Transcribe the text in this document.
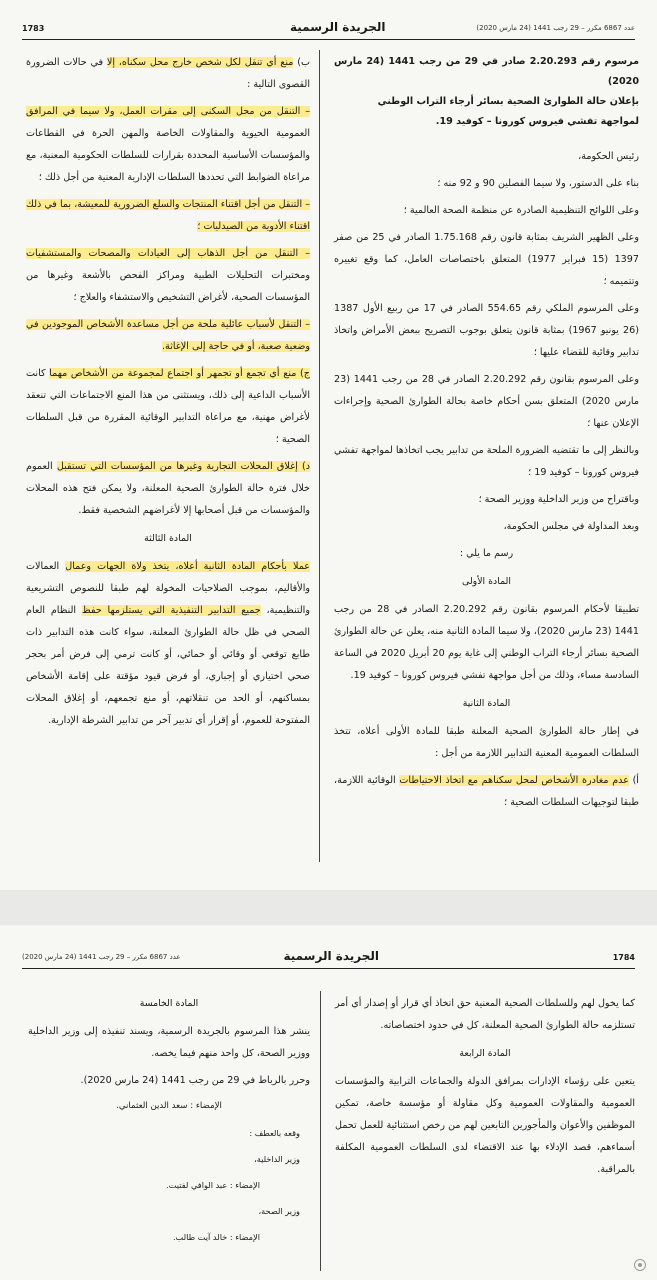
1783	الجريدة الرسمية	عدد 6867 مكرر – 29 رجب 1441 (24 مارس 2020)

مرسوم رقم 2.20.293 صادر في 29 من رجب 1441 (24 مارس 2020)
بإعلان حالة الطوارئ الصحية بسائر أرجاء التراب الوطني
لمواجهة تفشي فيروس كورونا – كوفيد 19.

رئيس الحكومة،

بناء على الدستور، ولا سيما الفصلين 90 و 92 منه ؛

وعلى اللوائح التنظيمية الصادرة عن منظمة الصحة العالمية ؛

وعلى الظهير الشريف بمثابة قانون رقم 1.75.168 الصادر في 25 من صفر 1397 (15 فبراير 1977) المتعلق باختصاصات العامل، كما وقع تغييره وتتميمه ؛

وعلى المرسوم الملكي رقم 554.65 الصادر في 17 من ربيع الأول 1387 (26 يونيو 1967) بمثابة قانون يتعلق بوجوب التصريح ببعض الأمراض واتخاذ تدابير وقائية للقضاء عليها ؛

وعلى المرسوم بقانون رقم 2.20.292 الصادر في 28 من رجب 1441 (23 مارس 2020) المتعلق بسن أحكام خاصة بحالة الطوارئ الصحية وإجراءات الإعلان عنها ؛

وبالنظر إلى ما تقتضيه الضرورة الملحة من تدابير يجب اتخاذها لمواجهة تفشي فيروس كورونا – كوفيد 19 ؛

وباقتراح من وزير الداخلية ووزير الصحة ؛

وبعد المداولة في مجلس الحكومة،

رسم ما يلي :

المادة الأولى

تطبيقا لأحكام المرسوم بقانون رقم 2.20.292 الصادر في 28 من رجب 1441 (23 مارس 2020)، ولا سيما المادة الثانية منه، يعلن عن حالة الطوارئ الصحية بسائر أرجاء التراب الوطني إلى غاية يوم 20 أبريل 2020 في الساعة السادسة مساء، وذلك من أجل مواجهة تفشي فيروس كورونا – كوفيد 19.

المادة الثانية

في إطار حالة الطوارئ الصحية المعلنة طبقا للمادة الأولى أعلاه، تتخذ السلطات العمومية المعنية التدابير اللازمة من أجل :

أ) عدم مغادرة الأشخاص لمحل سكناهم مع اتخاذ الاحتياطات الوقائية اللازمة، طبقا لتوجيهات السلطات الصحية ؛

ب) منع أي تنقل لكل شخص خارج محل سكناه، إلا في حالات الضرورة القصوى التالية :

– التنقل من محل السكنى إلى مقرات العمل، ولا سيما في المرافق العمومية الحيوية والمقاولات الخاصة والمهن الحرة في القطاعات والمؤسسات الأساسية المحددة بقرارات للسلطات الحكومية المعنية، مع مراعاة الضوابط التي تحددها السلطات الإدارية المعنية من أجل ذلك ؛

– التنقل من أجل اقتناء المنتجات والسلع الضرورية للمعيشة، بما في ذلك اقتناء الأدوية من الصيدليات ؛

– التنقل من أجل الذهاب إلى العيادات والمصحات والمستشفيات ومختبرات التحليلات الطبية ومراكز الفحص بالأشعة وغيرها من المؤسسات الصحية، لأغراض التشخيص والاستشفاء والعلاج ؛

– التنقل لأسباب عائلية ملحة من أجل مساعدة الأشخاص الموجودين في وضعية صعبة، أو في حاجة إلى الإغاثة.

ج) منع أي تجمع أو تجمهر أو اجتماع لمجموعة من الأشخاص مهما كانت الأسباب الداعية إلى ذلك، ويستثنى من هذا المنع الاجتماعات التي تنعقد لأغراض مهنية، مع مراعاة التدابير الوقائية المقررة من قبل السلطات الصحية ؛

د) إغلاق المحلات التجارية وغيرها من المؤسسات التي تستقبل العموم خلال فترة حالة الطوارئ الصحية المعلنة، ولا يمكن فتح هذه المحلات والمؤسسات من قبل أصحابها إلا لأغراضهم الشخصية فقط.

المادة الثالثة

عملا بأحكام المادة الثانية أعلاه، يتخذ ولاة الجهات وعمال العمالات والأقاليم، بموجب الصلاحيات المخولة لهم طبقا للنصوص التشريعية والتنظيمية، جميع التدابير التنفيذية التي يستلزمها حفظ النظام العام الصحي في ظل حالة الطوارئ المعلنة، سواء كانت هذه التدابير ذات طابع توقعي أو وقائي أو حمائي، أو كانت ترمي إلى فرض أمر بحجر صحي اختياري أو إجباري، أو فرض قيود مؤقتة على إقامة الأشخاص بمساكنهم، أو الحد من تنقلاتهم، أو منع تجمعهم، أو إغلاق المحلات المفتوحة للعموم، أو إقرار أي تدبير آخر من تدابير الشرطة الإدارية.

1784
الجريدة الرسمية
عدد 6867 مكرر – 29 رجب 1441 (24 مارس 2020)

كما يخول لهم وللسلطات الصحية المعنية حق اتخاذ أي قرار أو إصدار أي أمر تستلزمه حالة الطوارئ الصحية المعلنة، كل في حدود اختصاصاته.

المادة الرابعة

يتعين على رؤساء الإدارات بمرافق الدولة والجماعات الترابية والمؤسسات العمومية والمقاولات العمومية وكل مقاولة أو مؤسسة خاصة، تمكين الموظفين والأعوان والمأجورين التابعين لهم من رخص استثنائية للعمل تحمل أسماءهم، قصد الإدلاء بها عند الاقتضاء لدى السلطات العمومية المكلفة بالمراقبة.

المادة الخامسة

ينشر هذا المرسوم بالجريدة الرسمية، ويسند تنفيذه إلى وزير الداخلية ووزير الصحة، كل واحد منهم فيما يخصه.

وحرر بالرباط في 29 من رجب 1441 (24 مارس 2020).

الإمضاء : سعد الدين العثماني.

وقعه بالعطف :
وزير الداخلية،
الإمضاء : عبد الوافي لفتيت.
وزير الصحة،
الإمضاء : خالد آيت طالب.
